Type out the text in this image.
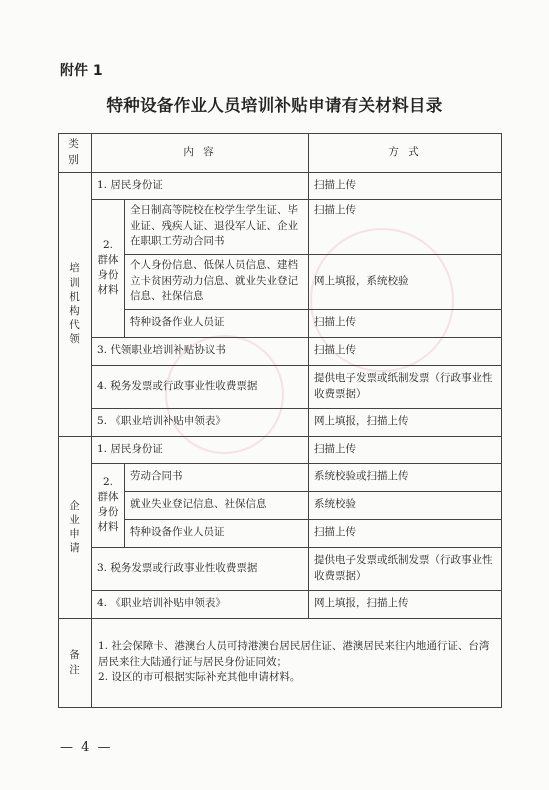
附件 1
特种设备作业人员培训补贴申请有关材料目录
类别	内 容		方 式
培训机构代领	1. 居民身份证		扫描上传
	2. 群体身份材料	全日制高等院校在校学生学生证、毕业证、残疾人证、退役军人证、企业在职职工劳动合同书	扫描上传
		个人身份信息、低保人员信息、建档立卡贫困劳动力信息、就业失业登记信息、社保信息	网上填报，系统校验
		特种设备作业人员证	扫描上传
	3. 代领职业培训补贴协议书		扫描上传
	4. 税务发票或行政事业性收费票据		提供电子发票或纸制发票（行政事业性收费票据）
	5. 《职业培训补贴申领表》		网上填报，扫描上传
企业申请	1. 居民身份证		扫描上传
	2. 群体身份材料	劳动合同书	系统校验或扫描上传
		就业失业登记信息、社保信息	系统校验
		特种设备作业人员证	扫描上传
	3. 税务发票或行政事业性收费票据		提供电子发票或纸制发票（行政事业性收费票据）
	4. 《职业培训补贴申领表》		网上填报，扫描上传
备注	1. 社会保障卡、港澳台人员可持港澳台居民居住证、港澳居民来往内地通行证、台湾居民来往大陆通行证与居民身份证同效；
2. 设区的市可根据实际补充其他申请材料。		
— 4 —
